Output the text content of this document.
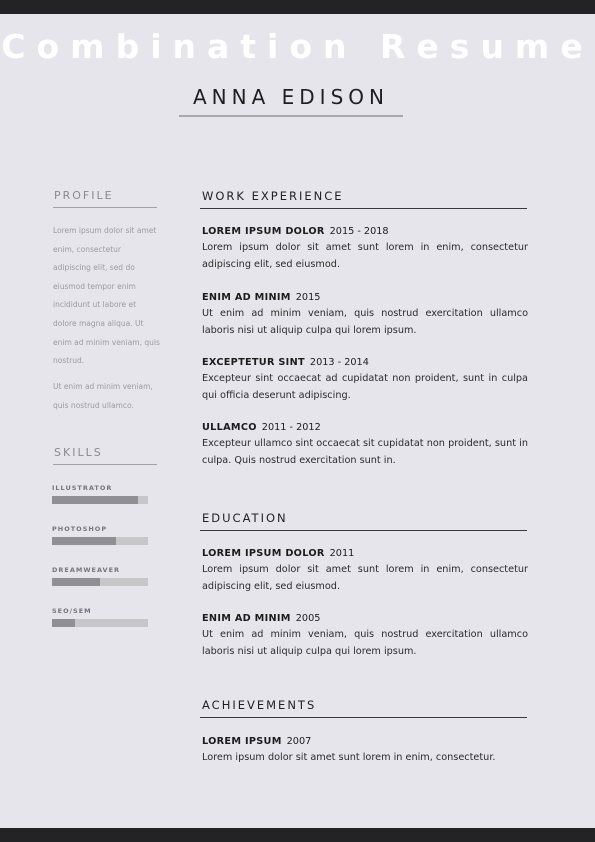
Combination Resume
ANNA EDISON
PROFILE

Lorem ipsum dolor sit amet enim, consectetur adipiscing elit, sed do eiusmod tempor enim incididunt ut labore et dolore magna aliqua. Ut enim ad minim veniam, quis nostrud.

Ut enim ad minim veniam, quis nostrud ullamco.

SKILLS
ILLUSTRATOR
PHOTOSHOP
DREAMWEAVER
SEO/SEM
WORK EXPERIENCE
LOREM IPSUM DOLOR 2015 - 2018

Lorem ipsum dolor sit amet sunt lorem in enim, consectetur adipiscing elit, sed eiusmod.

ENIM AD MINIM 2015

Ut enim ad minim veniam, quis nostrud exercitation ullamco laboris nisi ut aliquip culpa qui lorem ipsum.

EXCEPTETUR SINT 2013 - 2014

Excepteur sint occaecat ad cupidatat non proident, sunt in culpa qui officia deserunt adipiscing.

ULLAMCO 2011 - 2012

Excepteur ullamco sint occaecat sit cupidatat non proident, sunt in culpa. Quis nostrud exercitation sunt in.

EDUCATION
LOREM IPSUM DOLOR 2011

Lorem ipsum dolor sit amet sunt lorem in enim, consectetur adipiscing elit, sed eiusmod.

ENIM AD MINIM 2005

Ut enim ad minim veniam, quis nostrud exercitation ullamco laboris nisi ut aliquip culpa qui lorem ipsum.

ACHIEVEMENTS
LOREM IPSUM 2007

Lorem ipsum dolor sit amet sunt lorem in enim, consectetur.
